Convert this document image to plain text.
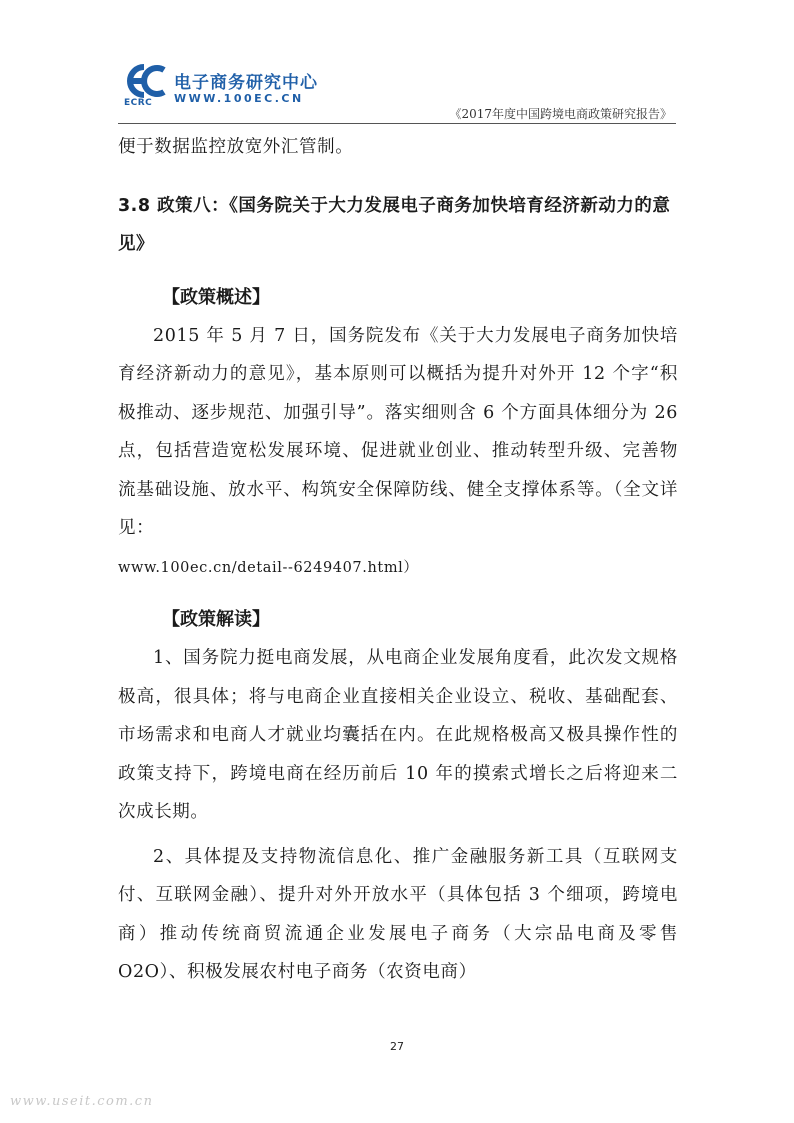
ECRC
电子商务研究中心
WWW.100EC.CN
《2017年度中国跨境电商政策研究报告》

便于数据监控放宽外汇管制。

3.8 政策八：《国务院关于大力发展电子商务加快培育经济新动力的意见》
【政策概述】

2015 年 5 月 7 日，国务院发布《关于大力发展电子商务加快培育经济新动力的意见》，基本原则可以概括为提升对外开 12 个字“积极推动、逐步规范、加强引导”。落实细则含 6 个方面具体细分为 26 点，包括营造宽松发展环境、促进就业创业、推动转型升级、完善物流基础设施、放水平、构筑安全保障防线、健全支撑体系等。（全文详见：
www.100ec.cn/detail--6249407.html）

【政策解读】

1、国务院力挺电商发展，从电商企业发展角度看，此次发文规格极高，很具体；将与电商企业直接相关企业设立、税收、基础配套、市场需求和电商人才就业均囊括在内。在此规格极高又极具操作性的政策支持下，跨境电商在经历前后 10 年的摸索式增长之后将迎来二次成长期。

2、具体提及支持物流信息化、推广金融服务新工具（互联网支付、互联网金融）、提升对外开放水平（具体包括 3 个细项，跨境电商）推动传统商贸流通企业发展电子商务（大宗品电商及零售 O2O）、积极发展农村电子商务（农资电商）

27
www.useit.com.cn
